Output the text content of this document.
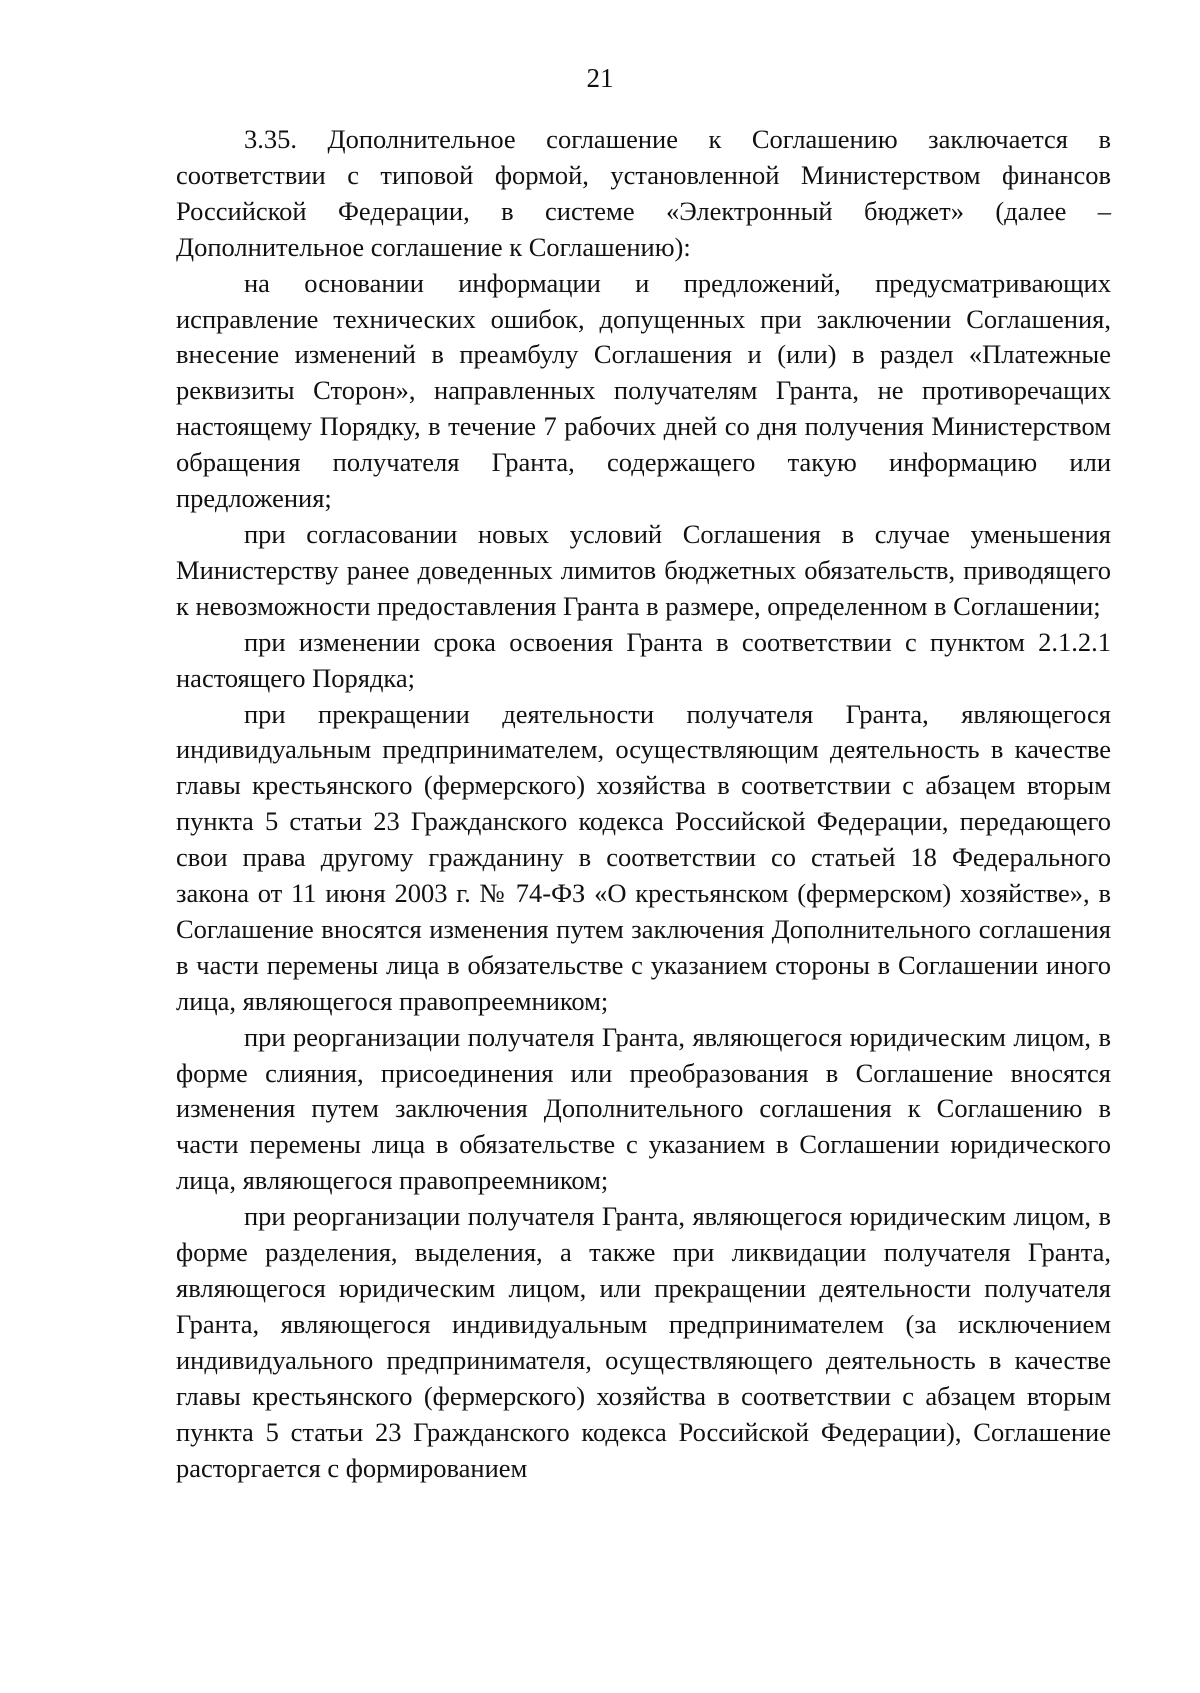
21

3.35. Дополнительное соглашение к Соглашению заключается в соответствии с типовой формой, установленной Министерством финансов Российской Федерации, в системе «Электронный бюджет» (далее – Дополнительное соглашение к Соглашению):

на основании информации и предложений, предусматривающих исправление технических ошибок, допущенных при заключении Соглашения, внесение изменений в преамбулу Соглашения и (или) в раздел «Платежные реквизиты Сторон», направленных получателям Гранта, не противоречащих настоящему Порядку, в течение 7 рабочих дней со дня получения Министерством обращения получателя Гранта, содержащего такую информацию или предложения;

при согласовании новых условий Соглашения в случае уменьшения Министерству ранее доведенных лимитов бюджетных обязательств, приводящего к невозможности предоставления Гранта в размере, определенном в Соглашении;

при изменении срока освоения Гранта в соответствии с пунктом 2.1.2.1 настоящего Порядка;

при прекращении деятельности получателя Гранта, являющегося индивидуальным предпринимателем, осуществляющим деятельность в качестве главы крестьянского (фермерского) хозяйства в соответствии с абзацем вторым пункта 5 статьи 23 Гражданского кодекса Российской Федерации, передающего свои права другому гражданину в соответствии со статьей 18 Федерального закона от 11 июня 2003 г. № 74-ФЗ «О крестьянском (фермерском) хозяйстве», в Соглашение вносятся изменения путем заключения Дополнительного соглашения в части перемены лица в обязательстве с указанием стороны в Соглашении иного лица, являющегося правопреемником;

при реорганизации получателя Гранта, являющегося юридическим лицом, в форме слияния, присоединения или преобразования в Соглашение вносятся изменения путем заключения Дополнительного соглашения к Соглашению в части перемены лица в обязательстве с указанием в Соглашении юридического лица, являющегося правопреемником;

при реорганизации получателя Гранта, являющегося юридическим лицом, в форме разделения, выделения, а также при ликвидации получателя Гранта, являющегося юридическим лицом, или прекращении деятельности получателя Гранта, являющегося индивидуальным предпринимателем (за исключением индивидуального предпринимателя, осуществляющего деятельность в качестве главы крестьянского (фермерского) хозяйства в соответствии с абзацем вторым пункта 5 статьи 23 Гражданского кодекса Российской Федерации), Соглашение расторгается с формированием
